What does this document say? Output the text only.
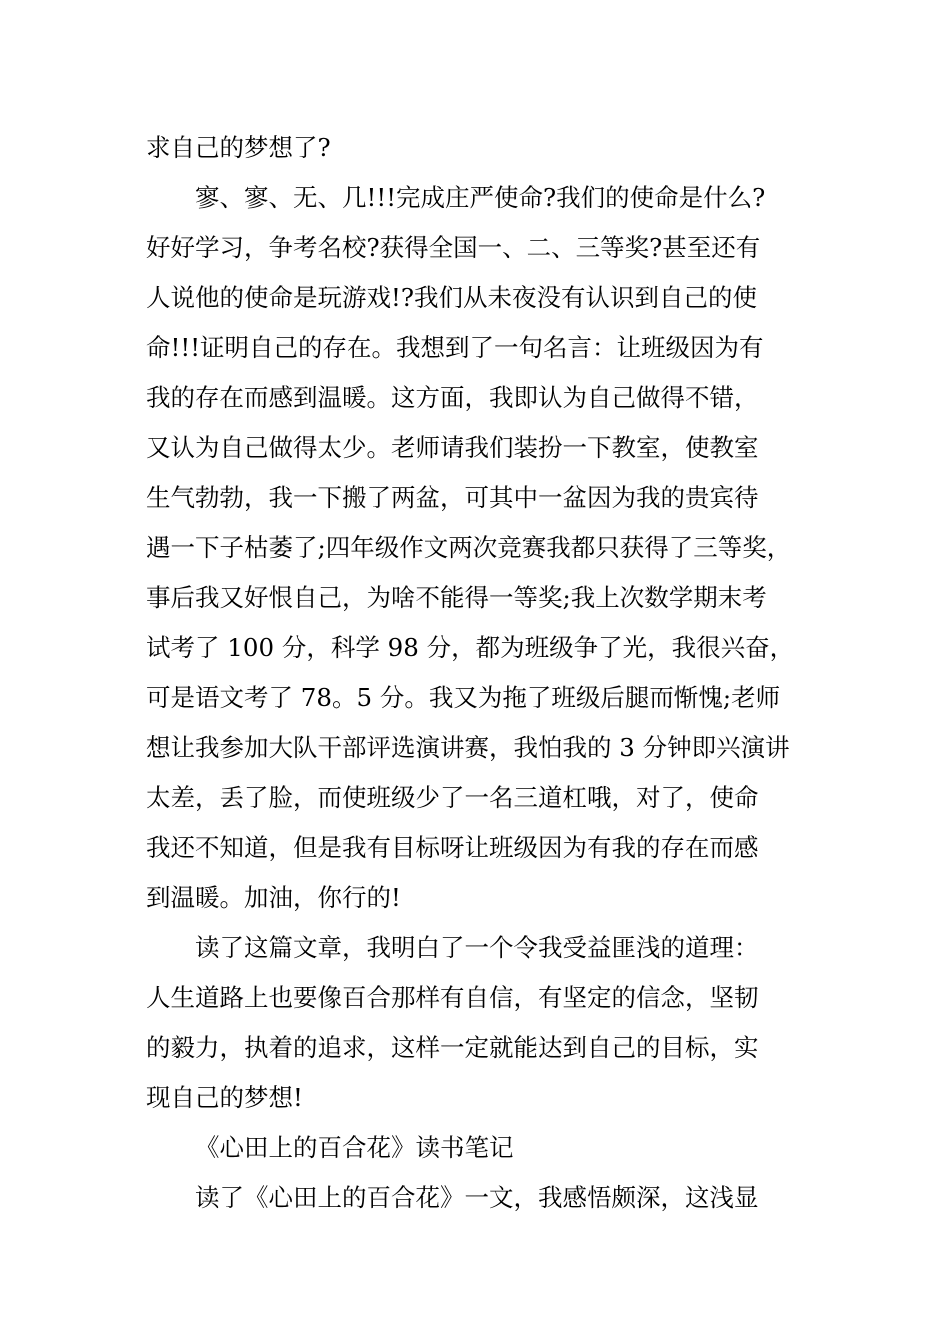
求自己的梦想了?

寥、寥、无、几!!!完成庄严使命?我们的使命是什么?

好好学习，争考名校?获得全国一、二、三等奖?甚至还有

人说他的使命是玩游戏!?我们从未夜没有认识到自己的使

命!!!证明自己的存在。我想到了一句名言：让班级因为有

我的存在而感到温暖。这方面，我即认为自己做得不错，

又认为自己做得太少。老师请我们装扮一下教室，使教室

生气勃勃，我一下搬了两盆，可其中一盆因为我的贵宾待

遇一下子枯萎了;四年级作文两次竞赛我都只获得了三等奖，

事后我又好恨自己，为啥不能得一等奖;我上次数学期末考

试考了 100 分，科学 98 分，都为班级争了光，我很兴奋，

可是语文考了 78。5 分。我又为拖了班级后腿而惭愧;老师

想让我参加大队干部评选演讲赛，我怕我的 3 分钟即兴演讲

太差，丢了脸，而使班级少了一名三道杠哦，对了，使命

我还不知道，但是我有目标呀让班级因为有我的存在而感

到温暖。加油，你行的!

读了这篇文章，我明白了一个令我受益匪浅的道理：

人生道路上也要像百合那样有自信，有坚定的信念，坚韧

的毅力，执着的追求，这样一定就能达到自己的目标，实

现自己的梦想!

《心田上的百合花》读书笔记

读了《心田上的百合花》一文，我感悟颇深，这浅显
